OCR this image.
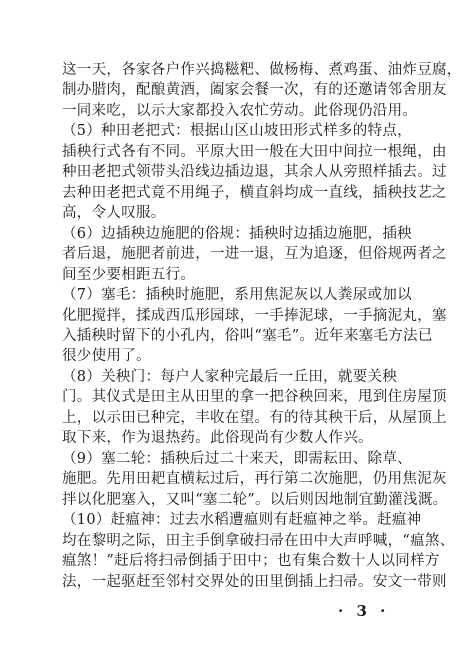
这一天，各家各户作兴捣糍粑、做杨梅、煮鸡蛋、油炸豆腐，
制办腊肉，配酿黄酒，阖家会餐一次，有的还邀请邻舍朋友
一同来吃，以示大家都投入农忙劳动。此俗现仍沿用。
（5）种田老把式：根据山区山坡田形式样多的特点，
插秧行式各有不同。平原大田一般在大田中间拉一根绳，由
种田老把式领带头沿线边插边退，其余人从旁照样插去。过
去种田老把式竟不用绳子，横直斜均成一直线，插秧技艺之
高，令人叹服。
（6）边插秧边施肥的俗规：插秧时边插边施肥，插秧
者后退，施肥者前进，一进一退，互为追逐，但俗规两者之
间至少要相距五行。
（7）塞毛：插秧时施肥，系用焦泥灰以人粪尿或加以
化肥搅拌，揉成西瓜形园球，一手捧泥球，一手摘泥丸，塞
入插秧时留下的小孔内，俗叫“塞毛”。近年来塞毛方法已
很少使用了。
（8）关秧门：每户人家种完最后一丘田，就要关秧
门。其仪式是田主从田里的拿一把谷秧回来，甩到住房屋顶
上，以示田已种完，丰收在望。有的待其秧干后，从屋顶上
取下来，作为退热药。此俗现尚有少数人作兴。
（9）塞二轮：插秧后过二十来天，即需耘田、除草、
施肥。先用田耙直横耘过后，再行第二次施肥，仍用焦泥灰
拌以化肥塞入，又叫“塞二轮”。以后则因地制宜勤灌浅溉。
（10）赶瘟神：过去水稻遭瘟则有赶瘟神之举。赶瘟神
均在黎明之际，田主手倒拿破扫帚在田中大声呼喊，“瘟煞、
瘟煞！”赶后将扫帚倒插于田中；也有集合数十人以同样方
法，一起驱赶至邻村交界处的田里倒插上扫帚。安文一带则
· 3 ·
